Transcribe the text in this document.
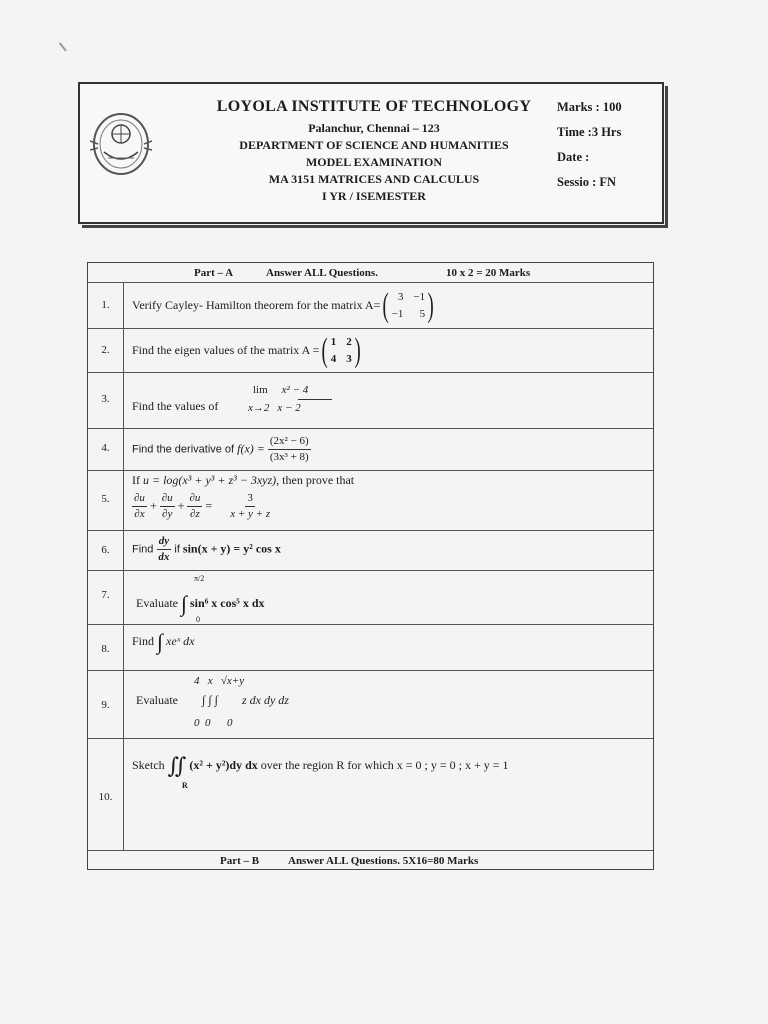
LOYOLA INSTITUTE OF TECHNOLOGY
Palanchur, Chennai – 123
DEPARTMENT OF SCIENCE AND HUMANITIES
MODEL EXAMINATION
MA 3151 MATRICES AND CALCULUS
I YR / ISEMESTER
Marks : 100
Time :3 Hrs
Date :
Sessio : FN
Part – A	Answer ALL Questions.	10 x 2 = 20 Marks
1.	Verify Cayley- Hamilton theorem for the matrix A=( 3 −1
−1	5 )
2.	Find the eigen values of the matrix A =( 1 2
4 3 )
3.	Find the values of
lim x² − 4
x→2 x − 2
4.	Find the derivative of $f(x) = \frac{\text{(2x² − 6)}}{\text{(3x³ + 8)}}$
5.
If u = log(x³ + y³ + z³ − 3xyz), then prove that
$\frac{\partial u}{\partial x} + \frac{\partial u}{\partial y} + \frac{\partial u}{\partial z} = \frac{3}{x + y + z}$
6.	Find $\frac{dy}{dx}$ if sin(x + y) = y² cos x
7.
Evaluate ∫ sin⁶ x cos⁵ x dx
π/2
0
8.
Find ∫ xeˣ dx
9.	Evaluate ∫ ∫ ∫ z dx dy dz
4   x   √x+y
0  0      0
10.
Sketch ∬ (x² + y²)dy dx over the region R for which x = 0 ; y = 0 ; x + y = 1
R
Part – B	Answer ALL Questions. 5X16=80 Marks
